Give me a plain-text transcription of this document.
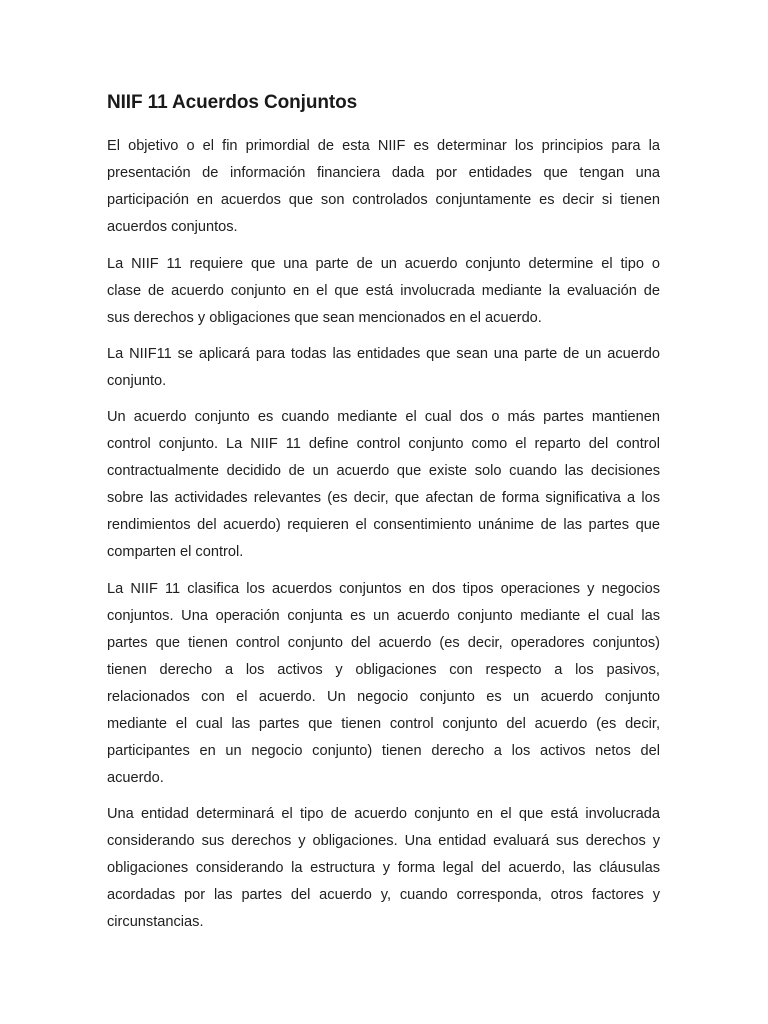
NIIF 11 Acuerdos Conjuntos

El objetivo o el fin primordial de esta NIIF es determinar los principios para la
presentación de información financiera dada por entidades que tengan una
participación en acuerdos que son controlados conjuntamente es decir si tienen
acuerdos conjuntos.

La NIIF 11 requiere que una parte de un acuerdo conjunto determine el tipo o
clase de acuerdo conjunto en el que está involucrada mediante la evaluación de
sus derechos y obligaciones que sean mencionados en el acuerdo.

La NIIF11 se aplicará para todas las entidades que sean una parte de un acuerdo
conjunto.

Un acuerdo conjunto es cuando mediante el cual dos o más partes mantienen
control conjunto. La NIIF 11 define control conjunto como el reparto del control
contractualmente decidido de un acuerdo que existe solo cuando las decisiones
sobre las actividades relevantes (es decir, que afectan de forma significativa a los
rendimientos del acuerdo) requieren el consentimiento unánime de las partes que
comparten el control.

La NIIF 11 clasifica los acuerdos conjuntos en dos tipos operaciones y negocios
conjuntos. Una operación conjunta es un acuerdo conjunto mediante el cual las
partes que tienen control conjunto del acuerdo (es decir, operadores conjuntos)
tienen derecho a los activos y obligaciones con respecto a los pasivos,
relacionados con el acuerdo. Un negocio conjunto es un acuerdo conjunto
mediante el cual las partes que tienen control conjunto del acuerdo (es decir,
participantes en un negocio conjunto) tienen derecho a los activos netos del
acuerdo.

Una entidad determinará el tipo de acuerdo conjunto en el que está involucrada
considerando sus derechos y obligaciones. Una entidad evaluará sus derechos y
obligaciones considerando la estructura y forma legal del acuerdo, las cláusulas
acordadas por las partes del acuerdo y, cuando corresponda, otros factores y
circunstancias.
